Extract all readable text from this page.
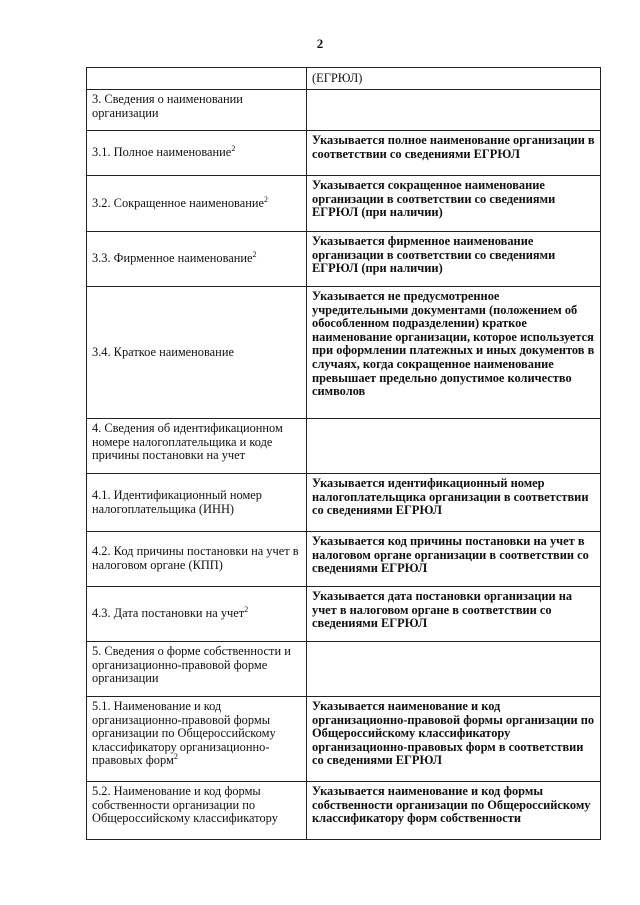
2
	(ЕГРЮЛ)
3. Сведения о наименовании организации	
3.1. Полное наименование$^2$	Указывается полное наименование организации в соответствии со сведениями ЕГРЮЛ
3.2. Сокращенное наименование$^2$	Указывается сокращенное наименование организации в соответствии со сведениями ЕГРЮЛ (при наличии)
3.3. Фирменное наименование$^2$	Указывается фирменное наименование организации в соответствии со сведениями ЕГРЮЛ (при наличии)
3.4. Краткое наименование	Указывается не предусмотренное учредительными документами (положением об обособленном подразделении) краткое наименование организации, которое используется при оформлении платежных и иных документов в случаях, когда сокращенное наименование превышает предельно допустимое количество символов
4. Сведения об идентификационном номере налогоплательщика и коде причины постановки на учет	
4.1. Идентификационный номер налогоплательщика (ИНН)	Указывается идентификационный номер налогоплательщика организации в соответствии со сведениями ЕГРЮЛ
4.2. Код причины постановки на учет в налоговом органе (КПП)	Указывается код причины постановки на учет в налоговом органе организации в соответствии со сведениями ЕГРЮЛ
4.3. Дата постановки на учет$^2$	Указывается дата постановки организации на учет в налоговом органе в соответствии со сведениями ЕГРЮЛ
5. Сведения о форме собственности и организационно-правовой форме организации	
5.1. Наименование и код организационно-правовой формы организации по Общероссийскому классификатору организационно-правовых форм$^2$	Указывается наименование и код организационно-правовой формы организации по Общероссийскому классификатору организационно-правовых форм в соответствии со сведениями ЕГРЮЛ
5.2. Наименование и код формы собственности организации по Общероссийскому классификатору	Указывается наименование и код формы собственности организации по Общероссийскому классификатору форм собственности
